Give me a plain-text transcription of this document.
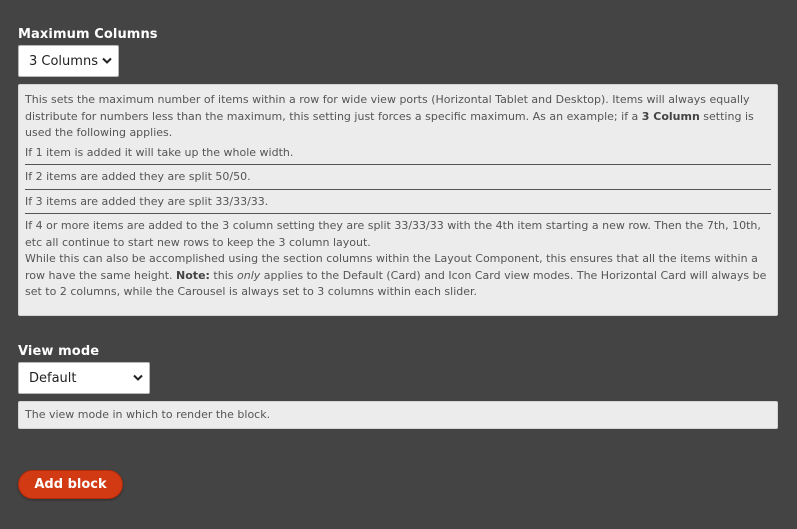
Maximum Columns
3 Columns

This sets the maximum number of items within a row for wide view ports (Horizontal Tablet and Desktop). Items will always equally distribute for numbers less than the maximum, this setting just forces a specific maximum. As an example; if a 3 Column setting is used the following applies.

If 1 item is added it will take up the whole width.

If 2 items are added they are split 50/50.

If 3 items are added they are split 33/33/33.

If 4 or more items are added to the 3 column setting they are split 33/33/33 with the 4th item starting a new row. Then the 7th, 10th, etc all continue to start new rows to keep the 3 column layout.

While this can also be accomplished using the section columns within the Layout Component, this ensures that all the items within a row have the same height. Note: this only applies to the Default (Card) and Icon Card view modes. The Horizontal Card will always be set to 2 columns, while the Carousel is always set to 3 columns within each slider.

View mode
Default

The view mode in which to render the block.

Add block
